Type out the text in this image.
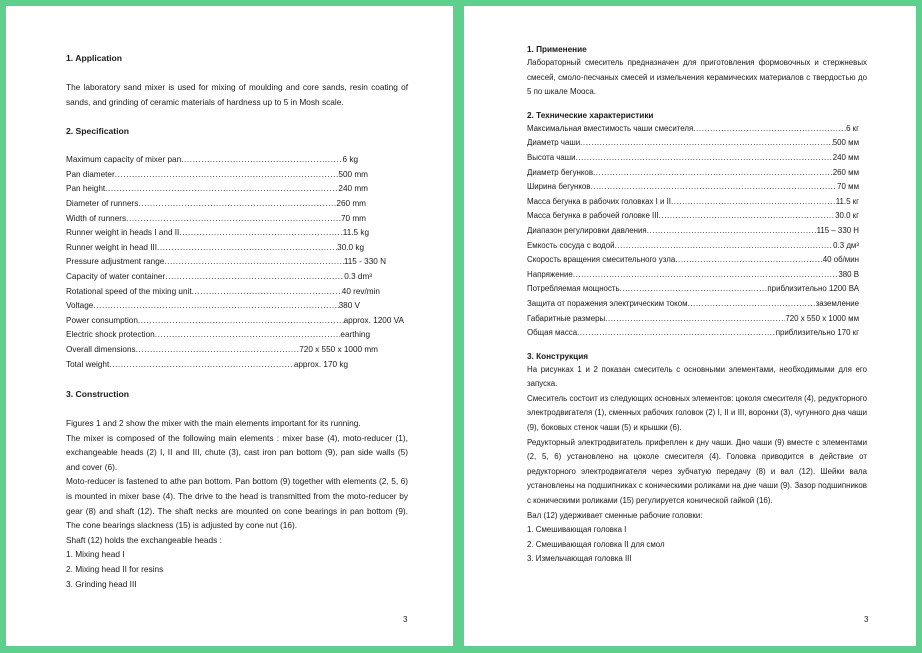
1. Application

The laboratory sand mixer is used for mixing of moulding and core sands, resin coating of sands, and grinding of ceramic materials of hardness up to 5 in Mosh scale.

2. Specification
Maximum capacity of mixer pan .....	6 kg
Pan diameter .....	500 mm
Pan height .....	240 mm
Diameter of runners .....	260 mm
Width of runners .....	70 mm
Runner weight in heads I and II .....	11.5 kg
Runner weight in head III .....	30.0 kg
Pressure adjustment range .....	115 - 330 N
Capacity of water container .....	0.3 dm³
Rotational speed of the mixing unit .....	40 rev/min
Voltage .....	380 V
Power consumption .....	approx. 1200 VA
Electric shock protection .....	earthing
Overall dimensions .....	720 x 550 x 1000 mm
Total weight .....	approx. 170 kg
3. Construction

Figures 1 and 2 show the mixer with the main elements important for its running.

The mixer is composed of the following main elements : mixer base (4), moto-reducer (1), exchangeable heads (2) I, II and III, chute (3), cast iron pan bottom (9), pan side walls (5) and cover (6).

Moto-reducer is fastened to athe pan bottom. Pan bottom (9) together with elements (2, 5, 6) is mounted in mixer base (4). The drive to the head is transmitted from the moto-reducer by gear (8) and shaft (12). The shaft necks are mounted on cone bearings in pan bottom (9). The cone bearings slackness (15) is adjusted by cone nut (16).

Shaft (12) holds the exchangeable heads :

1. Mixing head I

2. Mixing head II for resins

3. Grinding head III

3
1. Применение

Лабораторный смеситель предназначен для приготовления формовочных и стержневых смесей, смоло-песчаных смесей и измельчения керамических материалов с твердостью до 5 по шкале Мооса.

2. Технические характеристики
Максимальная вместимость чаши смесителя .....	6 кг
Диаметр чаши .....	500 мм
Высота чаши .....	240 мм
Диаметр бегунков .....	260 мм
Ширина бегунков .....	70 мм
Масса бегунка в рабочих головках I и II .....	11.5 кг
Масса бегунка в рабочей головке III .....	30.0 кг
Диапазон регулировки давления .....	115 – 330 Н
Емкость сосуда с водой .....	0.3 дм³
Скорость вращения смесительного узла .....	40 об/мин
Напряжение .....	380 В
Потребляемая мощность .....	приблизительно 1200 ВА
Защита от поражения электрическим током .....	заземление
Габаритные размеры .....	720 x 550 x 1000 мм
Общая масса .....	приблизительно 170 кг
3. Конструкция

На рисунках 1 и 2 показан смеситель с основными элементами, необходимыми для его запуска.

Смеситель состоит из следующих основных элементов: цоколя смесителя (4), редукторного электродвигателя (1), сменных рабочих головок (2) I, II и III, воронки (3), чугунного дна чаши (9), боковых стенок чаши (5) и крышки (6).

Редукторный электродвигатель прифеплен к дну чаши. Дно чаши (9) вместе с элементами (2, 5, 6) установлено на цоколе смесителя (4). Головка приводится в действие от редукторного электродвигателя через зубчатую передачу (8) и вал (12). Шейки вала установлены на подшипниках с коническими роликами на дне чаши (9). Зазор подшипников с коническими роликами (15) регулируется конической гайкой (16).

Вал (12) удерживает сменные рабочие головки:

1. Смешивающая головка I

2. Смешивающая головка II для смол

3. Измельчающая головка III

3
